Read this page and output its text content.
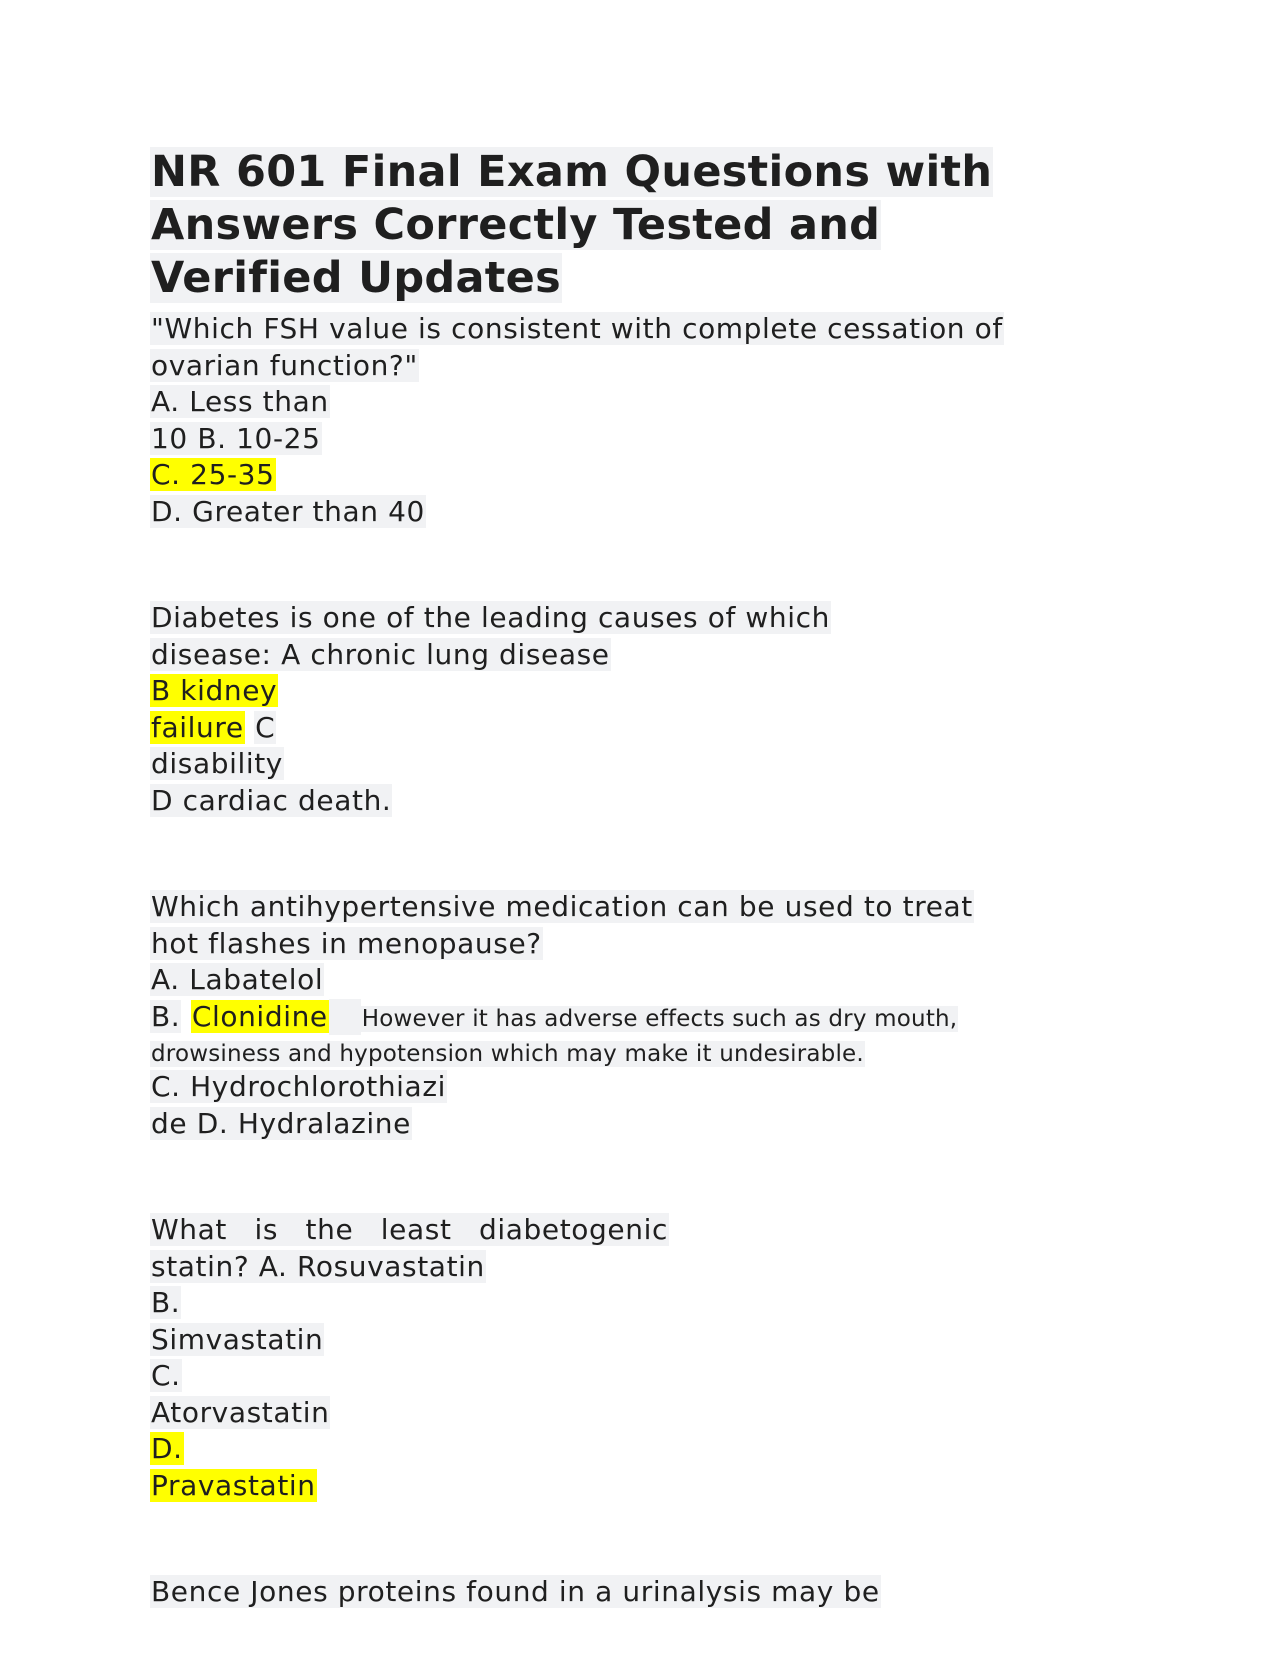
NR 601 Final Exam Questions with
Answers Correctly Tested and
Verified Updates
"Which FSH value is consistent with complete cessation of
ovarian function?"
A. Less than
10 B. 10-25
C. 25-35
D. Greater than 40
Diabetes is one of the leading causes of which
disease: A chronic lung disease
B kidney
failure C
disability
D cardiac death.
Which antihypertensive medication can be used to treat
hot flashes in menopause?
A. Labatelol
B. Clonidine However it has adverse effects such as dry mouth,
drowsiness and hypotension which may make it undesirable.
C. Hydrochlorothiazi
de D. Hydralazine
What is the least diabetogenic
statin? A. Rosuvastatin
B.
Simvastatin
C.
Atorvastatin
D.
Pravastatin
Bence Jones proteins found in a urinalysis may be
